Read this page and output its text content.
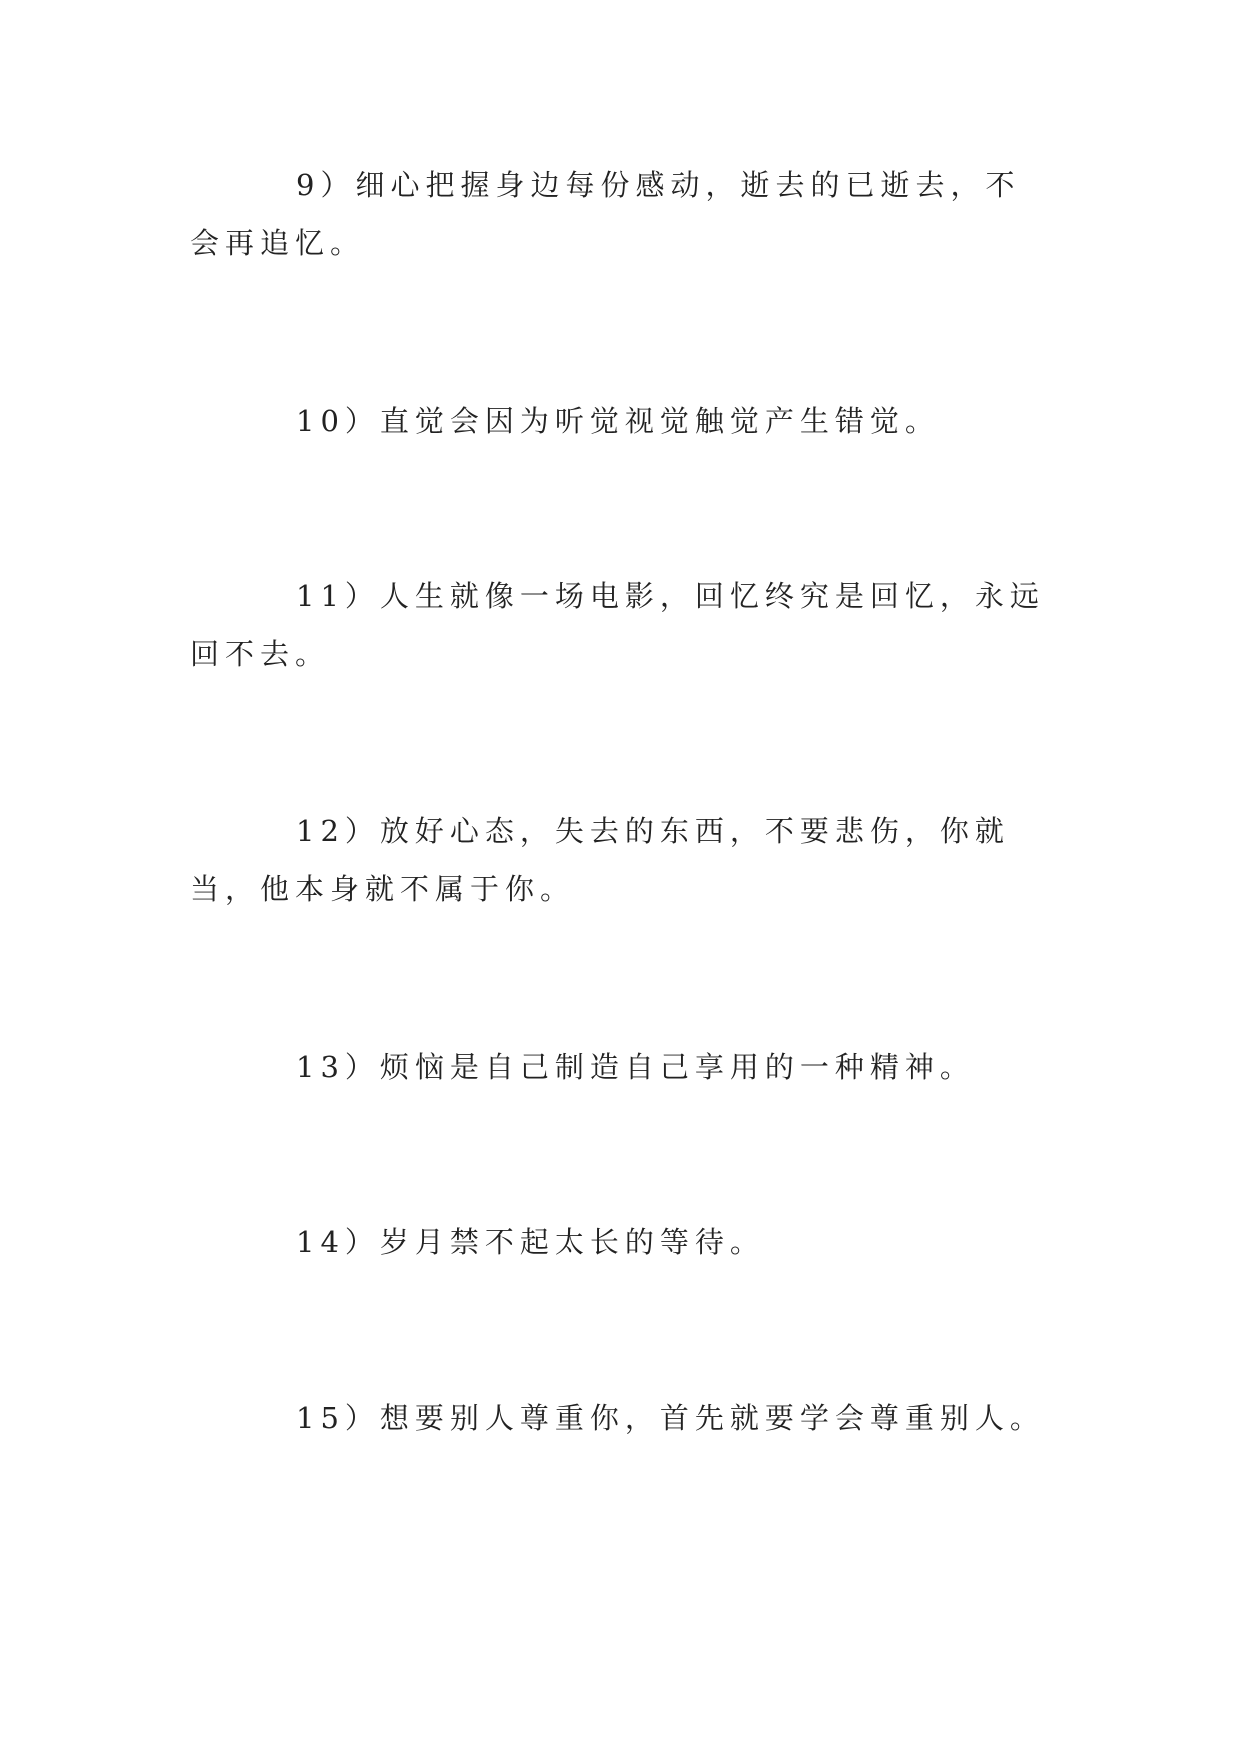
9）细心把握身边每份感动，逝去的已逝去，不会再追忆。

10）直觉会因为听觉视觉触觉产生错觉。

11）人生就像一场电影，回忆终究是回忆，永远回不去。

12）放好心态，失去的东西，不要悲伤，你就当，他本身就不属于你。

13）烦恼是自己制造自己享用的一种精神。

14）岁月禁不起太长的等待。

15）想要别人尊重你，首先就要学会尊重别人。
